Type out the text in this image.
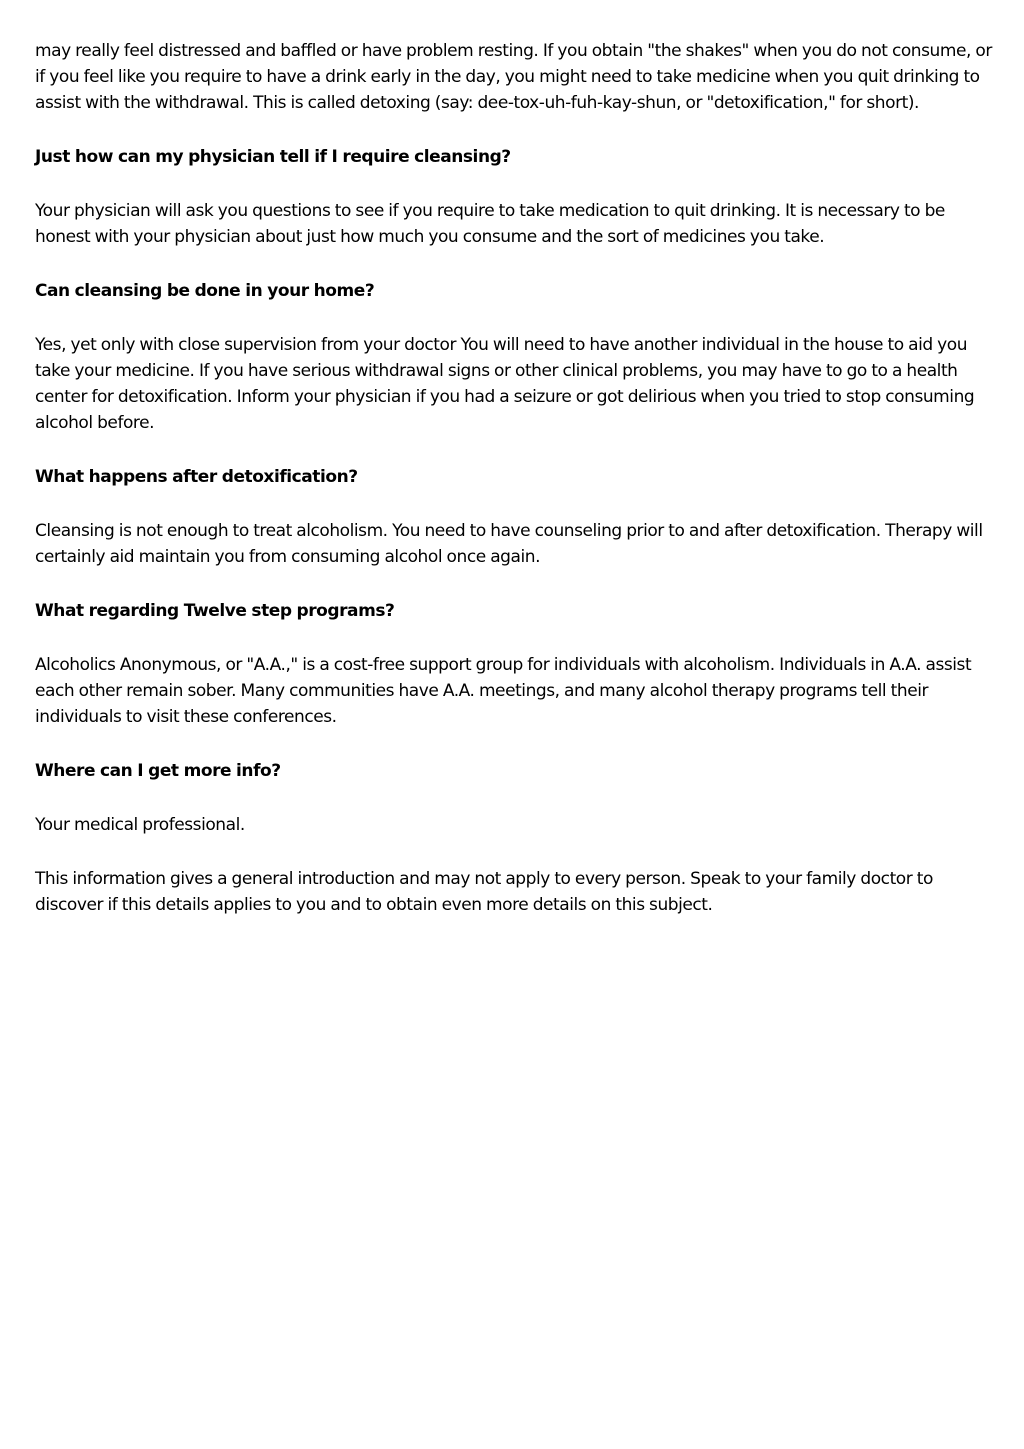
may really feel distressed and baffled or have problem resting. If you obtain "the shakes" when you do not consume, or if you feel like you require to have a drink early in the day, you might need to take medicine when you quit drinking to assist with the withdrawal. This is called detoxing (say: dee-tox-uh-fuh-kay-shun, or "detoxification," for short).

Just how can my physician tell if I require cleansing?

Your physician will ask you questions to see if you require to take medication to quit drinking. It is necessary to be honest with your physician about just how much you consume and the sort of medicines you take.

Can cleansing be done in your home?

Yes, yet only with close supervision from your doctor You will need to have another individual in the house to aid you take your medicine. If you have serious withdrawal signs or other clinical problems, you may have to go to a health center for detoxification. Inform your physician if you had a seizure or got delirious when you tried to stop consuming alcohol before.

What happens after detoxification?

Cleansing is not enough to treat alcoholism. You need to have counseling prior to and after detoxification. Therapy will certainly aid maintain you from consuming alcohol once again.

What regarding Twelve step programs?

Alcoholics Anonymous, or "A.A.," is a cost-free support group for individuals with alcoholism. Individuals in A.A. assist each other remain sober. Many communities have A.A. meetings, and many alcohol therapy programs tell their individuals to visit these conferences.

Where can I get more info?

Your medical professional.

This information gives a general introduction and may not apply to every person. Speak to your family doctor to discover if this details applies to you and to obtain even more details on this subject.
